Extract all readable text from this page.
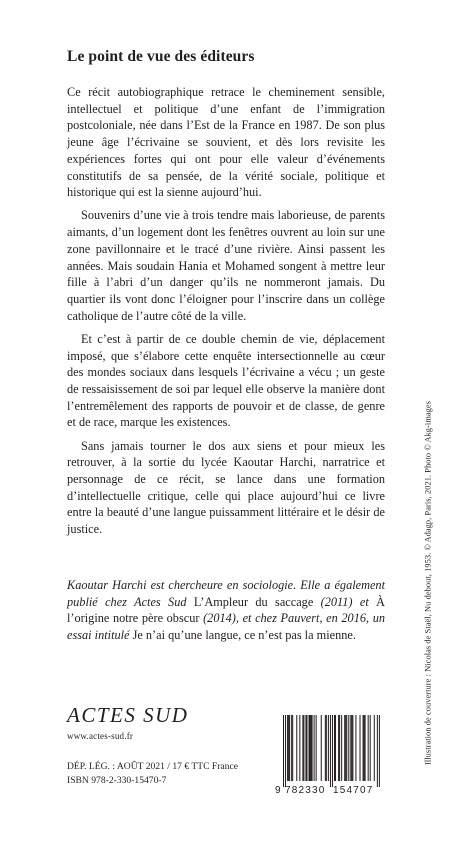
Le point de vue des éditeurs

Ce récit autobiographique retrace le cheminement sensible, intellectuel et politique d’une enfant de l’immigration postcoloniale, née dans l’Est de la France en 1987. De son plus jeune âge l’écrivaine se souvient, et dès lors revisite les expériences fortes qui ont pour elle valeur d’événements constitutifs de sa pensée, de la vérité sociale, politique et historique qui est la sienne aujourd’hui.

Souvenirs d’une vie à trois tendre mais laborieuse, de parents aimants, d’un logement dont les fenêtres ouvrent au loin sur une zone pavillonnaire et le tracé d’une rivière. Ainsi passent les années. Mais soudain Hania et Mohamed songent à mettre leur fille à l’abri d’un danger qu’ils ne nommeront jamais. Du quartier ils vont donc l’éloigner pour l’inscrire dans un collège catholique de l’autre côté de la ville.

Et c’est à partir de ce double chemin de vie, déplacement imposé, que s’élabore cette enquête intersectionnelle au cœur des mondes sociaux dans lesquels l’écrivaine a vécu ; un geste de ressaisissement de soi par lequel elle observe la manière dont l’entremêlement des rapports de pouvoir et de classe, de genre et de race, marque les existences.

Sans jamais tourner le dos aux siens et pour mieux les retrouver, à la sortie du lycée Kaoutar Harchi, narratrice et personnage de ce récit, se lance dans une formation d’intellectuelle critique, celle qui place aujourd’hui ce livre entre la beauté d’une langue puissamment littéraire et le désir de justice.

Kaoutar Harchi est chercheure en sociologie. Elle a également publié chez Actes Sud L’Ampleur du saccage (2011) et À l’origine notre père obscur (2014), et chez Pauvert, en 2016, un essai intitulé Je n’ai qu’une langue, ce n’est pas la mienne.
ACTES SUD
www.actes-sud.fr
DÉP. LÉG. : AOÛT 2021 / 17 € TTC France
ISBN 978-2-330-15470-7
9 782330 154707
Illustration de couverture : Nicolas de Staël, Nu debout, 1953. © Adagp, Paris, 2021. Photo © Akg-images
